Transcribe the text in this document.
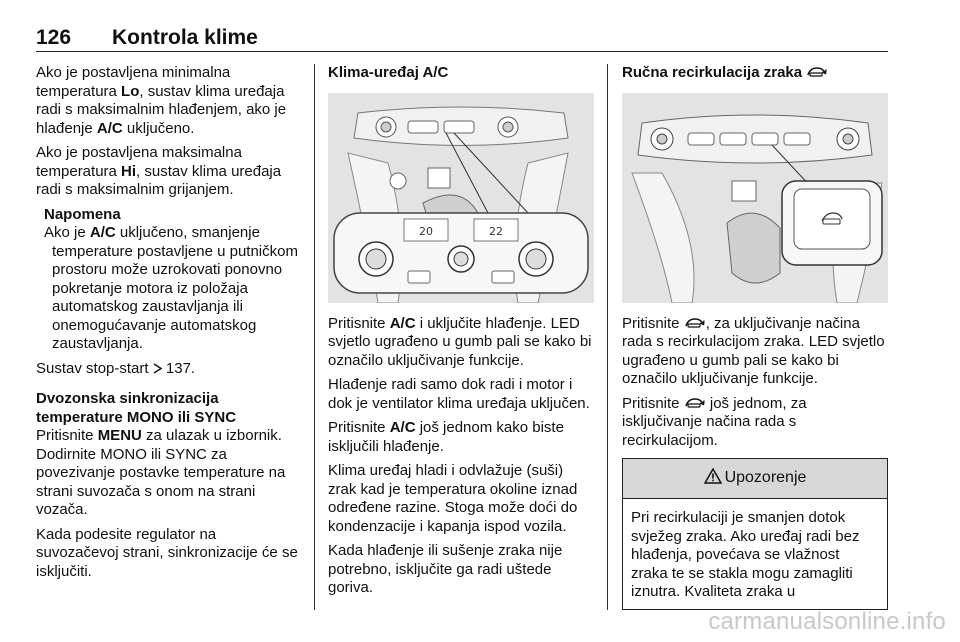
126 Kontrola klime

Ako je postavljena minimalna temperatura Lo, sustav klima uređaja radi s maksimalnim hlađenjem, ako je hlađenje A/C uključeno.

Ako je postavljena maksimalna temperatura Hi, sustav klima uređaja radi s maksimalnim grijanjem.

Napomena
Ako je A/C uključeno, smanjenje temperature postavljene u putničkom prostoru može uzrokovati ponovno pokretanje motora iz položaja automatskog zaustavljanja ili onemogućavanje automatskog zaustavljanja.

Sustav stop-start  137.

Dvozonska sinkronizacija temperature MONO ili SYNC

Pritisnite MENU za ulazak u izbornik. Dodirnite MONO ili SYNC za povezivanje postavke temperature na strani suvozača s onom na strani vozača.

Kada podesite regulator na suvozačevoj strani, sinkronizacije će se isključiti.

Klima-uređaj A/C
20	22

Pritisnite A/C i uključite hlađenje. LED svjetlo ugrađeno u gumb pali se kako bi označilo uključivanje funkcije.

Hlađenje radi samo dok radi i motor i dok je ventilator klima uređaja uključen.

Pritisnite A/C još jednom kako biste isključili hlađenje.

Klima uređaj hladi i odvlažuje (suši) zrak kad je temperatura okoline iznad određene razine. Stoga može doći do kondenzacije i kapanja ispod vozila.

Kada hlađenje ili sušenje zraka nije potrebno, isključite ga radi uštede goriva.

Ručna recirkulacija zraka

Pritisnite , za uključivanje načina rada s recirkulacijom zraka. LED svjetlo ugrađeno u gumb pali se kako bi označilo uključivanje funkcije.

Pritisnite  još jednom, za isključivanje načina rada s recirkulacijom.

Upozorenje
Pri recirkulaciji je smanjen dotok svježeg zraka. Ako uređaj radi bez hlađenja, povećava se vlažnost zraka te se stakla mogu zamagliti iznutra. Kvaliteta zraka u
carmanualsonline.info
